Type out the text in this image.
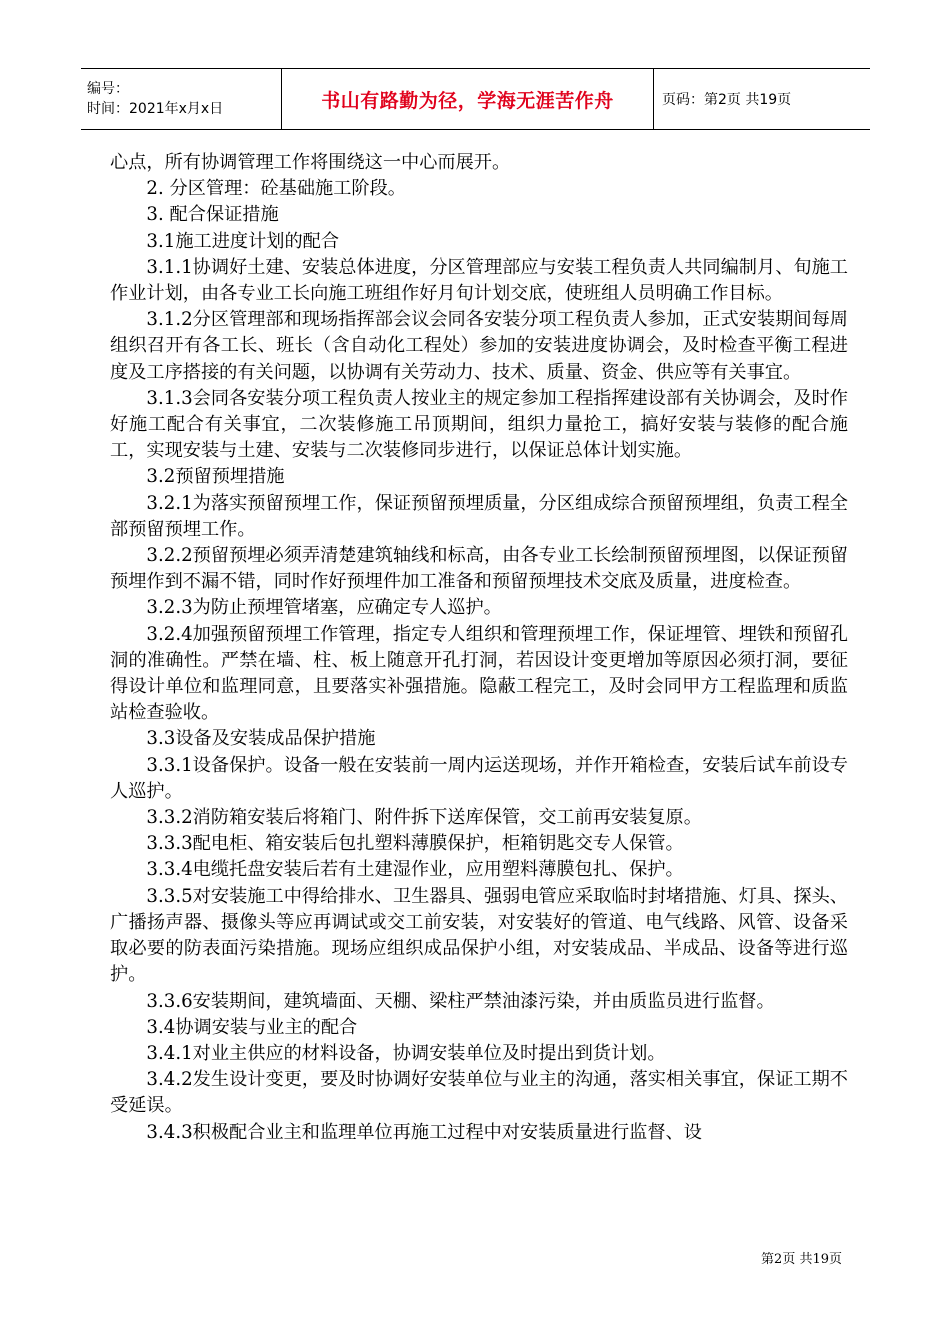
编号：
时间：2021年x月x日	书山有路勤为径，学海无涯苦作舟	页码：第2页 共19页

心点，所有协调管理工作将围绕这一中心而展开。

2. 分区管理：砼基础施工阶段。

3. 配合保证措施

3.1施工进度计划的配合

3.1.1协调好土建、安装总体进度，分区管理部应与安装工程负责人共同编制月、旬施工作业计划，由各专业工长向施工班组作好月旬计划交底，使班组人员明确工作目标。

3.1.2分区管理部和现场指挥部会议会同各安装分项工程负责人参加，正式安装期间每周组织召开有各工长、班长（含自动化工程处）参加的安装进度协调会，及时检查平衡工程进度及工序搭接的有关问题，以协调有关劳动力、技术、质量、资金、供应等有关事宜。

3.1.3会同各安装分项工程负责人按业主的规定参加工程指挥建设部有关协调会，及时作好施工配合有关事宜，二次装修施工吊顶期间，组织力量抢工，搞好安装与装修的配合施工，实现安装与土建、安装与二次装修同步进行，以保证总体计划实施。

3.2预留预埋措施

3.2.1为落实预留预埋工作，保证预留预埋质量，分区组成综合预留预埋组，负责工程全部预留预埋工作。

3.2.2预留预埋必须弄清楚建筑轴线和标高，由各专业工长绘制预留预埋图，以保证预留预埋作到不漏不错，同时作好预埋件加工准备和预留预埋技术交底及质量，进度检查。

3.2.3为防止预埋管堵塞，应确定专人巡护。

3.2.4加强预留预埋工作管理，指定专人组织和管理预埋工作，保证埋管、埋铁和预留孔洞的准确性。严禁在墙、柱、板上随意开孔打洞，若因设计变更增加等原因必须打洞，要征得设计单位和监理同意，且要落实补强措施。隐蔽工程完工，及时会同甲方工程监理和质监站检查验收。

3.3设备及安装成品保护措施

3.3.1设备保护。设备一般在安装前一周内运送现场，并作开箱检查，安装后试车前设专人巡护。

3.3.2消防箱安装后将箱门、附件拆下送库保管，交工前再安装复原。

3.3.3配电柜、箱安装后包扎塑料薄膜保护，柜箱钥匙交专人保管。

3.3.4电缆托盘安装后若有土建湿作业，应用塑料薄膜包扎、保护。

3.3.5对安装施工中得给排水、卫生器具、强弱电管应采取临时封堵措施、灯具、探头、广播扬声器、摄像头等应再调试或交工前安装，对安装好的管道、电气线路、风管、设备采取必要的防表面污染措施。现场应组织成品保护小组，对安装成品、半成品、设备等进行巡护。

3.3.6安装期间，建筑墙面、天棚、梁柱严禁油漆污染，并由质监员进行监督。

3.4协调安装与业主的配合

3.4.1对业主供应的材料设备，协调安装单位及时提出到货计划。

3.4.2发生设计变更，要及时协调好安装单位与业主的沟通，落实相关事宜，保证工期不受延误。

3.4.3积极配合业主和监理单位再施工过程中对安装质量进行监督、设

第2页 共19页
